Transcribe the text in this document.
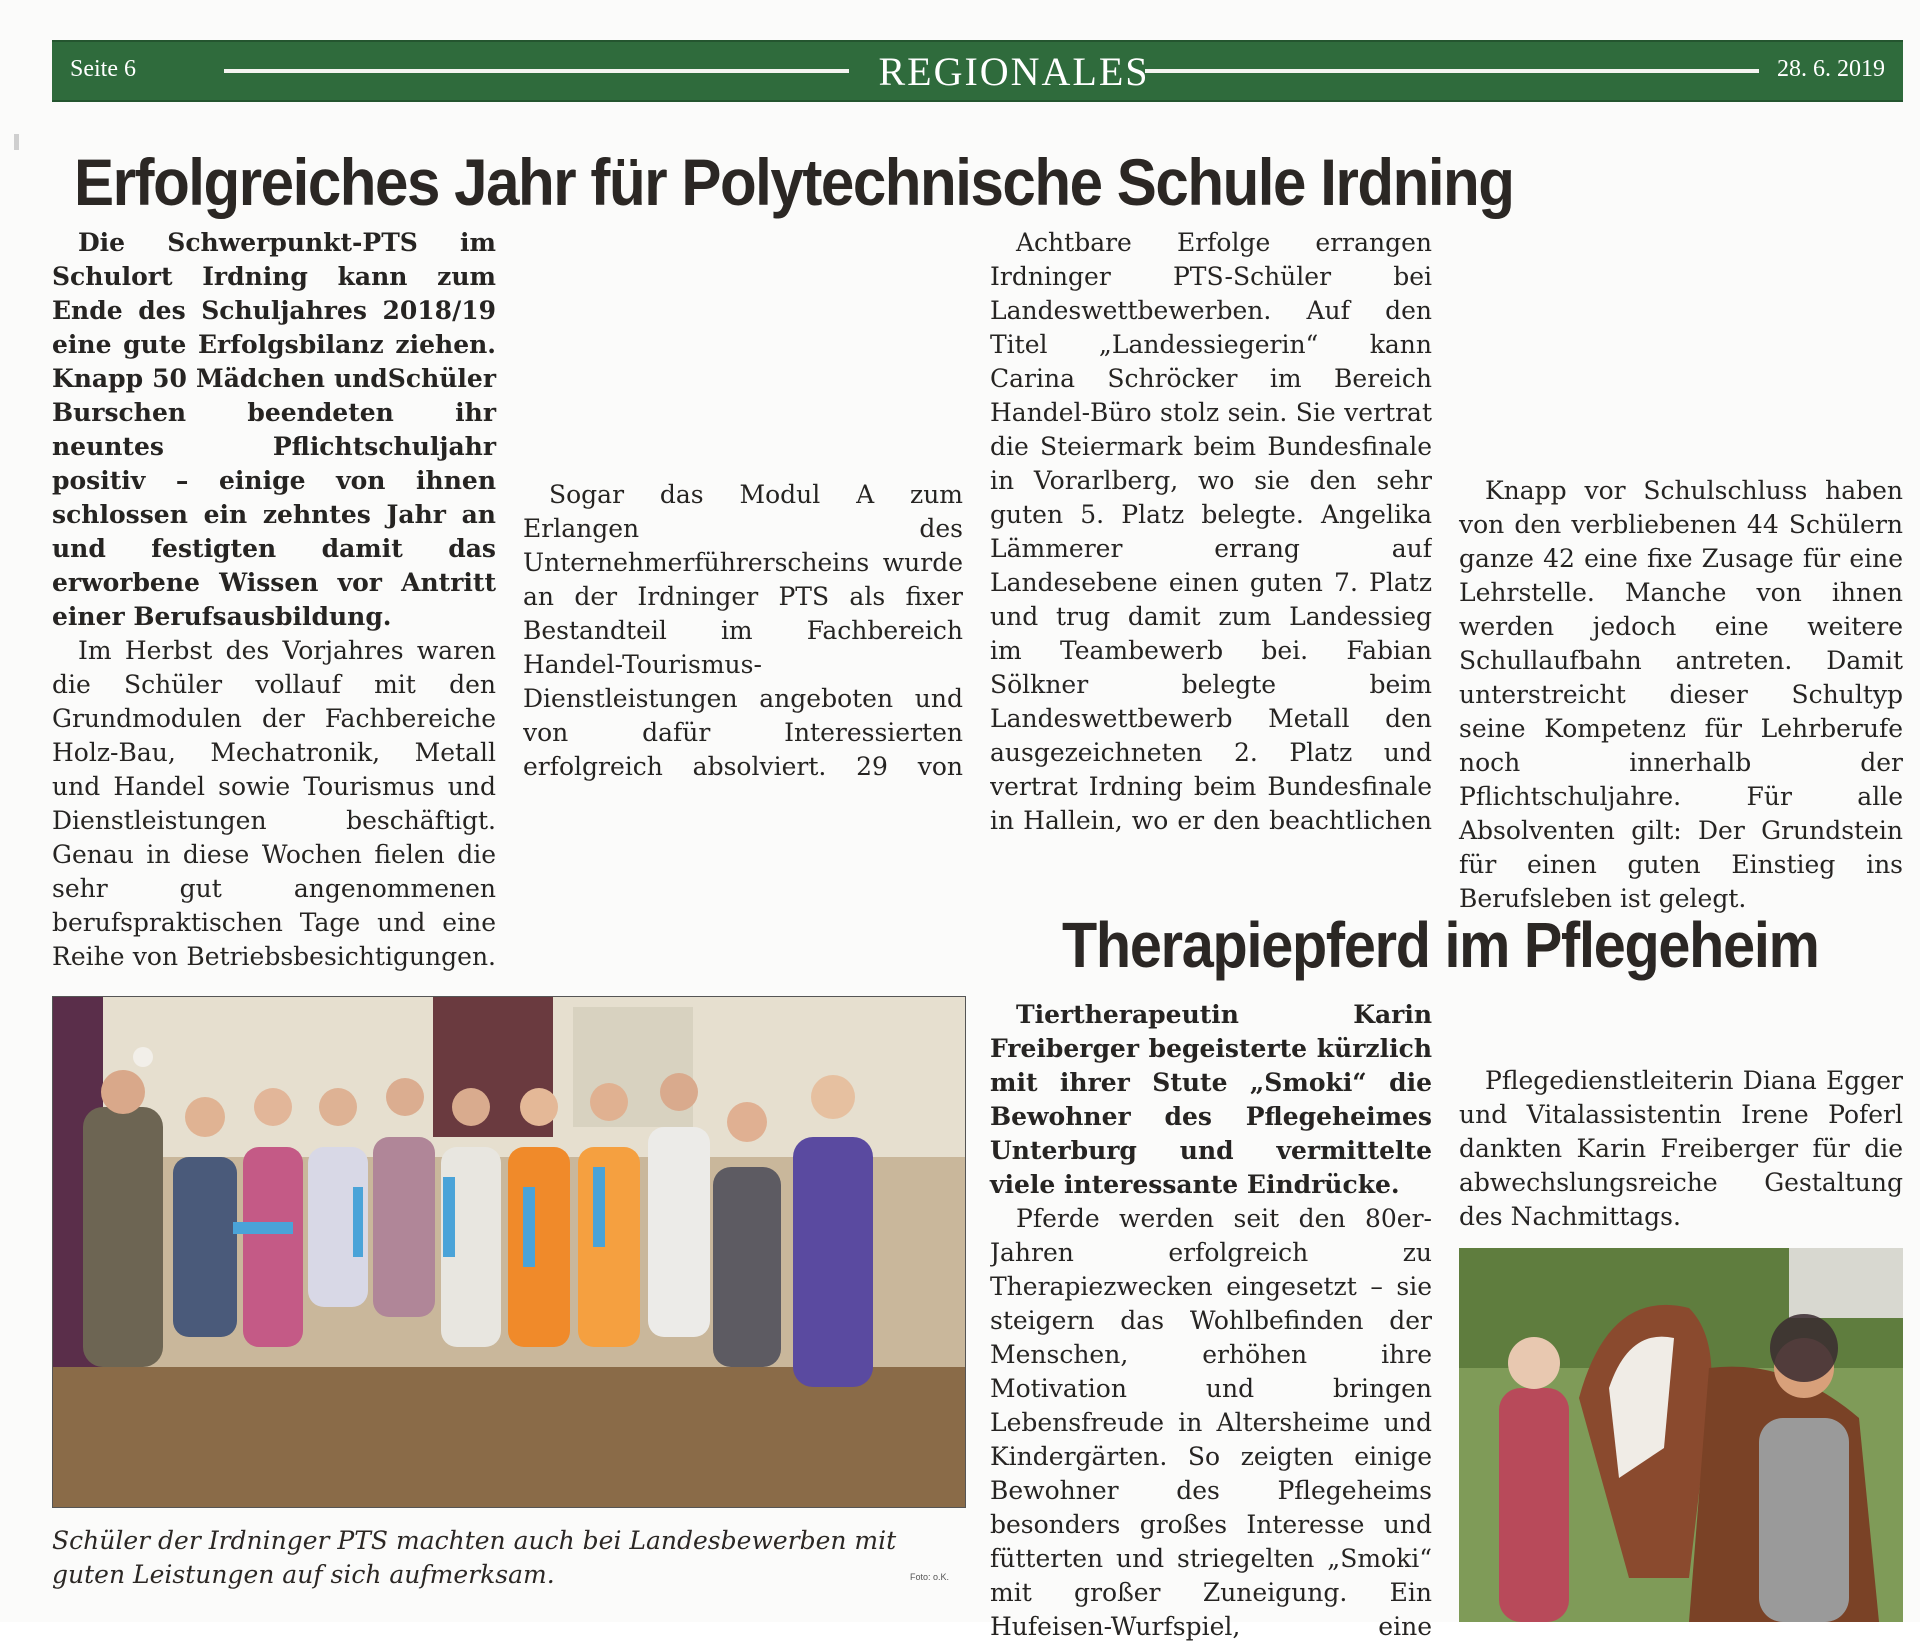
Seite 6	REGIONALES	28. 6. 2019
Erfolgreiches Jahr für Polytechnische Schule Irdning

Die Schwerpunkt-PTS im Schulort Irdning kann zum Ende des Schuljahres 2018/19 eine gute Erfolgsbilanz ziehen. Knapp 50 Mädchen undSchüler Burschen beendeten ihr neuntes Pflichtschuljahr positiv – einige von ihnen schlossen ein zehntes Jahr an und festigten damit das erworbene Wissen vor Antritt einer Berufsausbildung.

Im Herbst des Vorjahres waren die Schüler vollauf mit den Grundmodulen der Fachbereiche Holz-Bau, Mechatronik, Metall und Handel sowie Tourismus und Dienstleistungen beschäftigt. Genau in diese Wochen fielen die sehr gut angenommenen berufspraktischen Tage und eine Reihe von Betriebsbesichtigungen.

Sogar das Modul A zum Erlangen des Unternehmerführerscheins wurde an der Irdninger PTS als fixer Bestandteil im Fachbereich Handel-Tourismus-Dienstleistungen angeboten und von dafür Interessierten erfolgreich absolviert. 29 von

Achtbare Erfolge errangen Irdninger PTS-Schüler bei Landeswettbewerben. Auf den Titel „Landessiegerin“ kann Carina Schröcker im Bereich Handel-Büro stolz sein. Sie vertrat die Steiermark beim Bundesfinale in Vorarlberg, wo sie den sehr guten 5. Platz belegte. Angelika Lämmerer errang auf Landesebene einen guten 7. Platz und trug damit zum Landessieg im Teambewerb bei. Fabian Sölkner belegte beim Landeswettbewerb Metall den ausgezeichneten 2. Platz und vertrat Irdning beim Bundesfinale in Hallein, wo er den beachtlichen

Knapp vor Schulschluss haben von den verbliebenen 44 Schülern ganze 42 eine fixe Zusage für eine Lehrstelle. Manche von ihnen werden jedoch eine weitere Schullaufbahn antreten. Damit unterstreicht dieser Schultyp seine Kompetenz für Lehrberufe noch innerhalb der Pflichtschuljahre. Für alle Absolventen gilt: Der Grundstein für einen guten Einstieg ins Berufsleben ist gelegt.

Schüler der Irdninger PTS machten auch bei Landesbewerben mit guten Leistungen auf sich aufmerksam.	Foto: o.K.
Therapiepferd im Pflegeheim

Tiertherapeutin Karin Freiberger begeisterte kürzlich mit ihrer Stute „Smoki“ die Bewohner des Pflegeheimes Unterburg und vermittelte viele interessante Eindrücke.

Pferde werden seit den 80er-Jahren erfolgreich zu Therapiezwecken eingesetzt – sie steigern das Wohlbefinden der Menschen, erhöhen ihre Motivation und bringen Lebensfreude in Altersheime und Kindergärten. So zeigten einige Bewohner des Pflegeheims besonders großes Interesse und fütterten und striegelten „Smoki“ mit großer Zuneigung. Ein Hufeisen-Wurfspiel, eine

Pflegedienstleiterin Diana Egger und Vitalassistentin Irene Poferl dankten Karin Freiberger für die abwechslungsreiche Gestaltung des Nachmittags.
